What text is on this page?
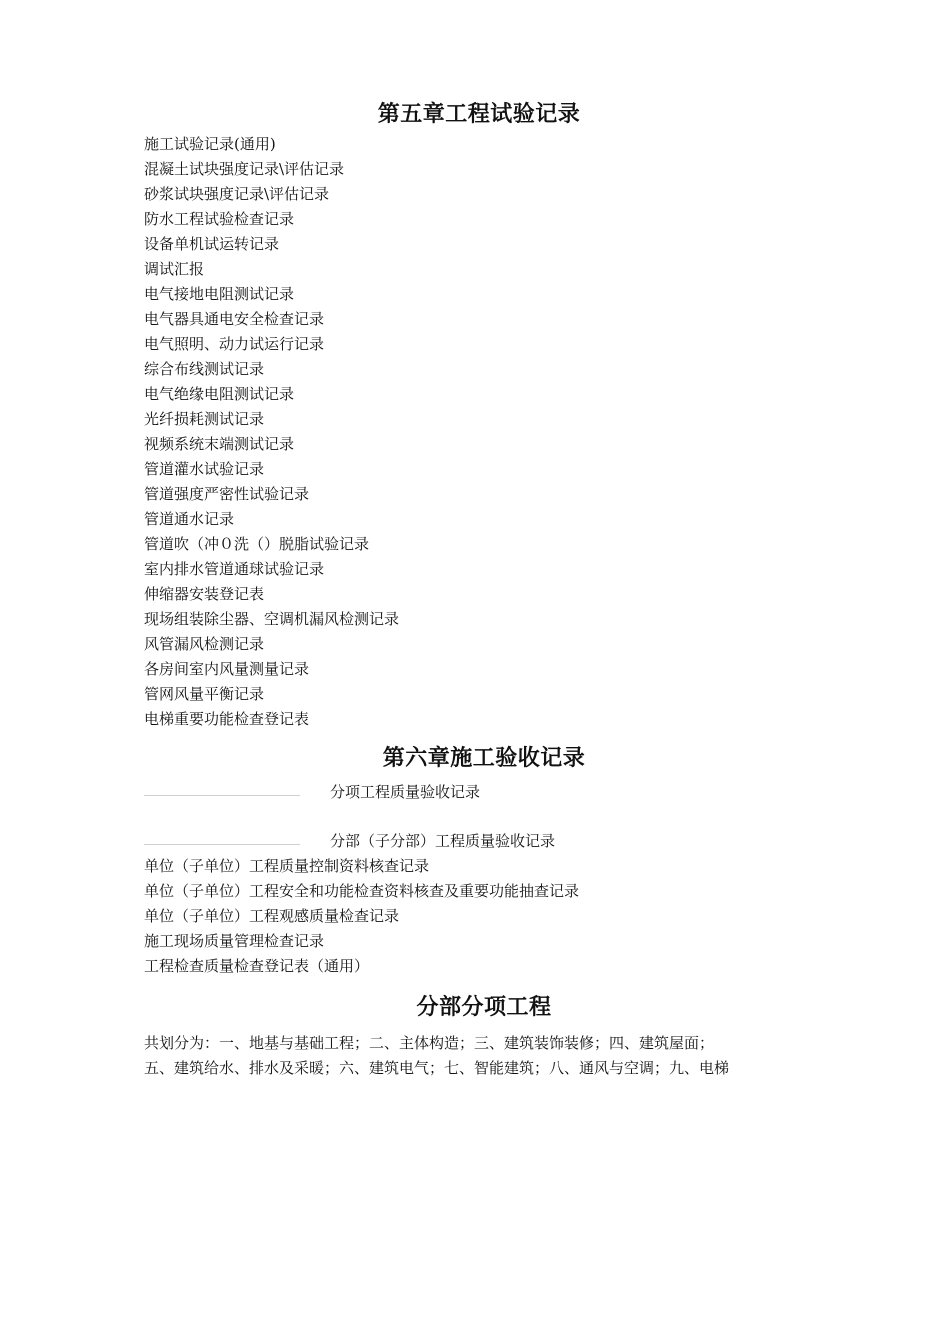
第五章工程试验记录
施工试验记录(通用)
混凝土试块强度记录\评估记录
砂浆试块强度记录\评估记录
防水工程试验检查记录
设备单机试运转记录
调试汇报
电气接地电阻测试记录
电气器具通电安全检查记录
电气照明、动力试运行记录
综合布线测试记录
电气绝缘电阻测试记录
光纤损耗测试记录
视频系统末端测试记录
管道灌水试验记录
管道强度严密性试验记录
管道通水记录
管道吹（冲０洗（）脱脂试验记录
室内排水管道通球试验记录
伸缩器安装登记表
现场组装除尘器、空调机漏风检测记录
风管漏风检测记录
各房间室内风量测量记录
管网风量平衡记录
电梯重要功能检查登记表
第六章施工验收记录
分项工程质量验收记录
分部（子分部）工程质量验收记录
单位（子单位）工程质量控制资料核查记录
单位（子单位）工程安全和功能检查资料核查及重要功能抽查记录
单位（子单位）工程观感质量检查记录
施工现场质量管理检查记录
工程检查质量检查登记表（通用）
分部分项工程

共划分为：一、地基与基础工程；二、主体构造；三、建筑装饰装修；四、建筑屋面；

五、建筑给水、排水及采暖；六、建筑电气；七、智能建筑；八、通风与空调；九、电梯
